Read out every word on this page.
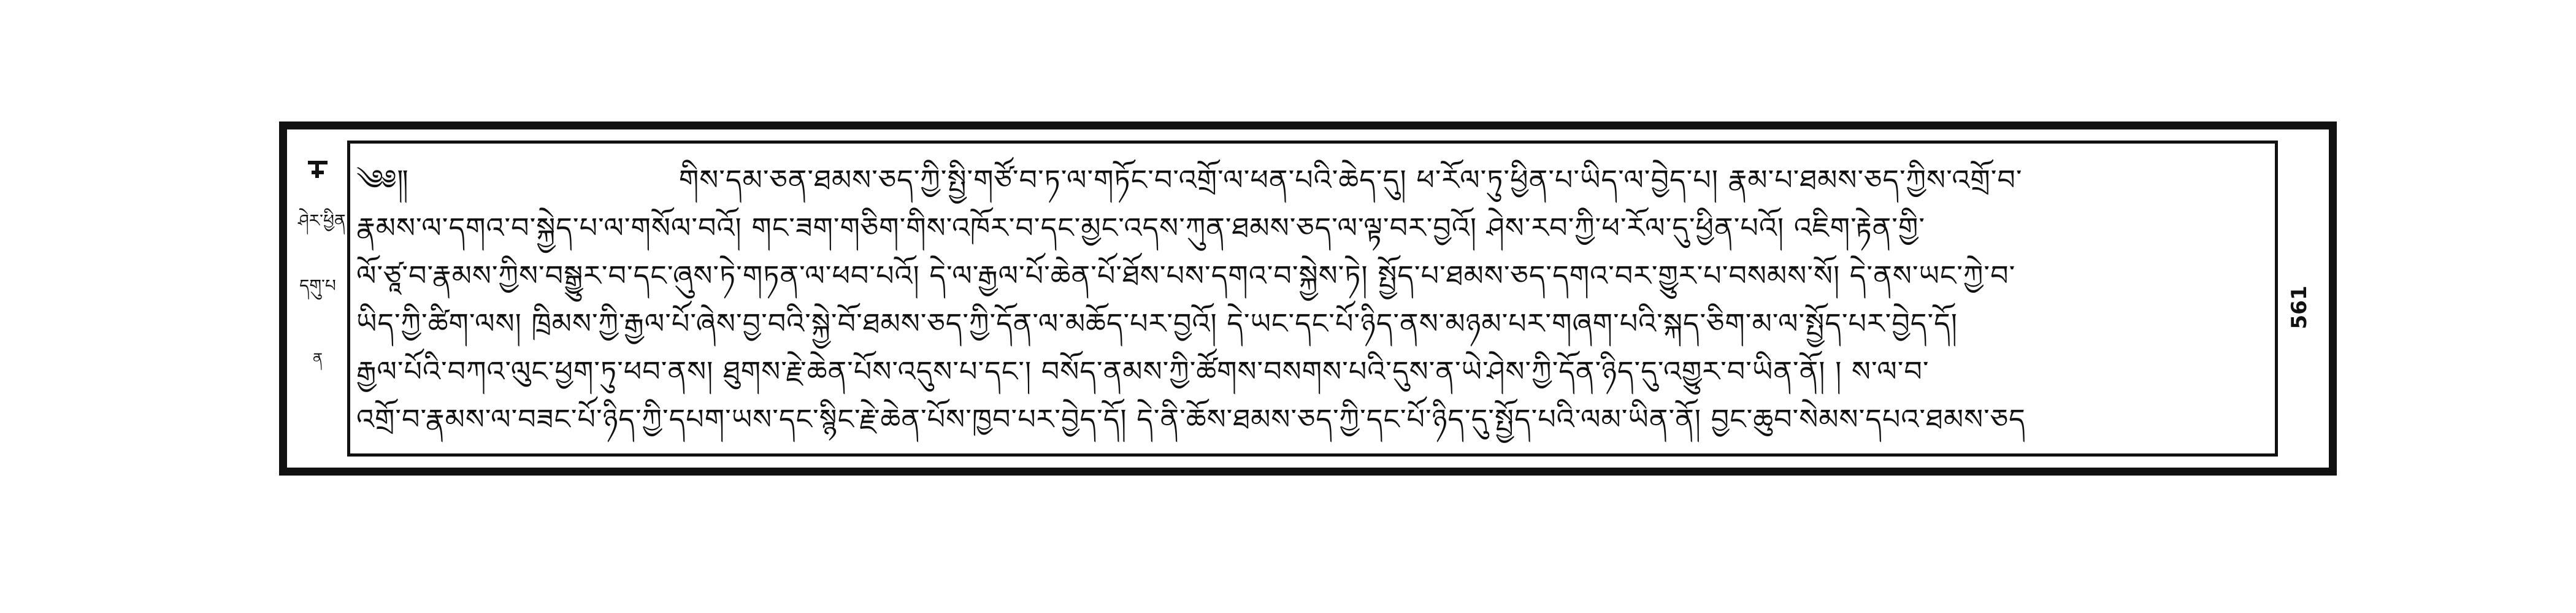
ཤེར་ཕྱིན
དགུ་པ
ན

༄༅༎	གིས་དམ་ཅན་ཐམས་ཅད་ཀྱི་སྤྱི་གཙོ་བ་ཏ་ལ་གཏོང་བ་འགྲོ་ལ་ཕན་པའི་ཆེད་དུ། ཕ་རོལ་ཏུ་ཕྱིན་པ་ཡིད་ལ་བྱེད་པ། རྣམ་པ་ཐམས་ཅད་ཀྱིས་འགྲོ་བ་

རྣམས་ལ་དགའ་བ་སྐྱེད་པ་ལ་གསོལ་བའོ། གང་ཟག་གཅིག་གིས་འཁོར་བ་དང་མྱང་འདས་ཀུན་ཐམས་ཅད་ལ་ལྟ་བར་བྱའོ། ཤེས་རབ་ཀྱི་ཕ་རོལ་དུ་ཕྱིན་པའོ། འཇིག་རྟེན་གྱི་

ལོ་ཙཱ་བ་རྣམས་ཀྱིས་བསྒྱུར་བ་དང་ཞུས་ཏེ་གཏན་ལ་ཕབ་པའོ། དེ་ལ་རྒྱལ་པོ་ཆེན་པོ་ཐོས་པས་དགའ་བ་སྐྱེས་ཏེ། སྤྱོད་པ་ཐམས་ཅད་དགའ་བར་གྱུར་པ་བསམས་སོ། དེ་ནས་ཡང་ཀྱེ་བ་

ཡིད་ཀྱི་ཚིག་ལས། ཁྲིམས་ཀྱི་རྒྱལ་པོ་ཞེས་བྱ་བའི་སྐྱེ་བོ་ཐམས་ཅད་ཀྱི་དོན་ལ་མཆོད་པར་བྱའོ། དེ་ཡང་དང་པོ་ཉིད་ནས་མཉམ་པར་གཞག་པའི་སྐད་ཅིག་མ་ལ་སྤྱོད་པར་བྱེད་དོ།

རྒྱལ་པོའི་བཀའ་ལུང་ཕྱག་ཏུ་ཕབ་ནས། ཐུགས་རྗེ་ཆེན་པོས་འདུས་པ་དང་། བསོད་ནམས་ཀྱི་ཚོགས་བསགས་པའི་དུས་ན་ཡེ་ཤེས་ཀྱི་དོན་ཉིད་དུ་འགྱུར་བ་ཡིན་ནོ། ། ས་ལ་བ་

འགྲོ་བ་རྣམས་ལ་བཟང་པོ་ཉིད་ཀྱི་དཔག་ཡས་དང་སྙིང་རྗེ་ཆེན་པོས་ཁྱབ་པར་བྱེད་དོ། དེ་ནི་ཆོས་ཐམས་ཅད་ཀྱི་དང་པོ་ཉིད་དུ་སྤྱོད་པའི་ལམ་ཡིན་ནོ། བྱང་ཆུབ་སེམས་དཔའ་ཐམས་ཅད

561
